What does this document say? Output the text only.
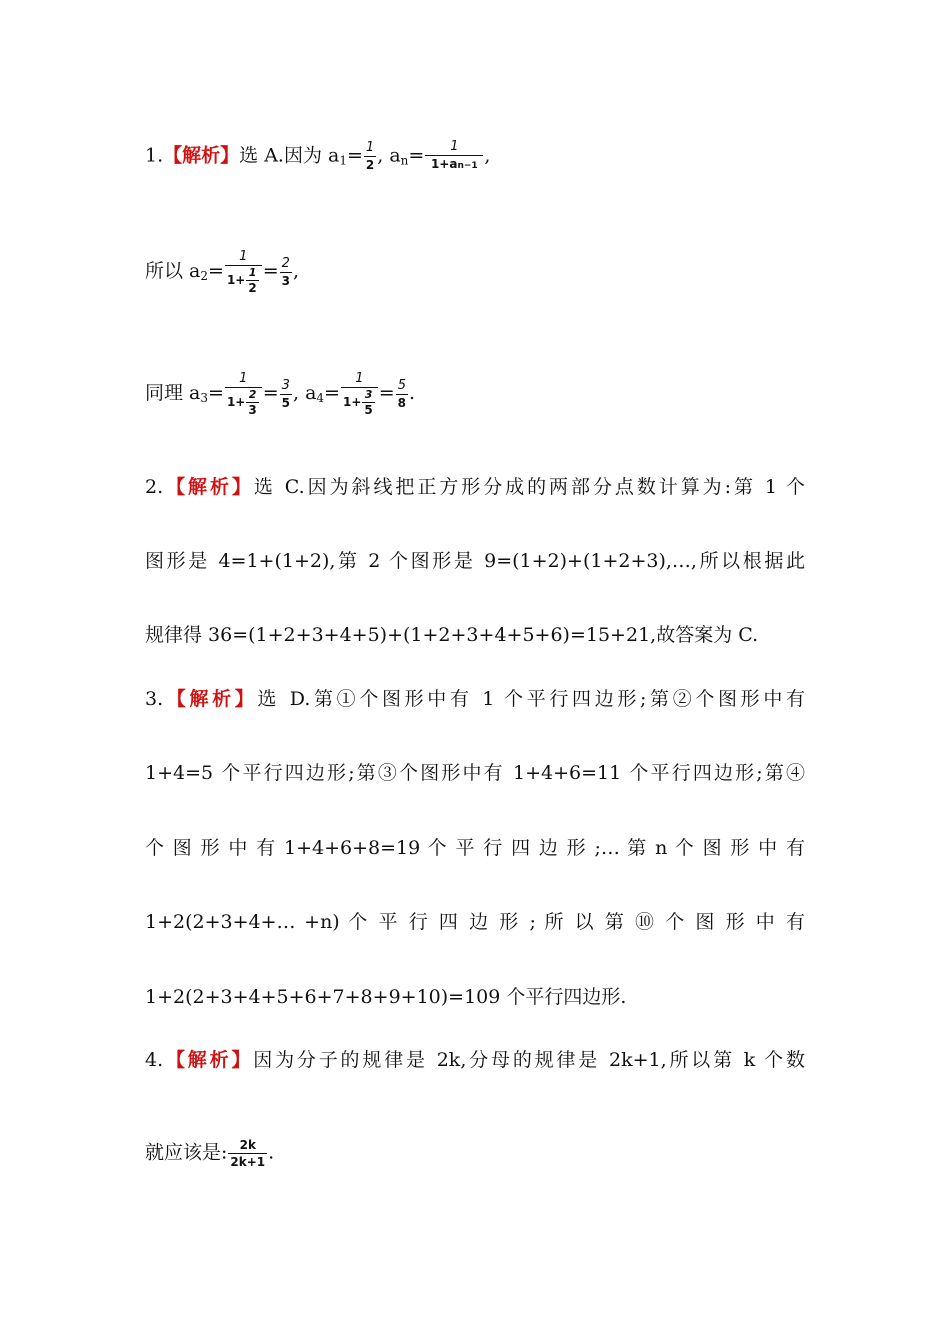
1.【解析】选 A.因为 $a_1= \frac{1}{2}$ , $a_n= \frac{1}{1+an-1}$ ,
所以 $a_2= \frac{1}{1+ \frac{1}{2}} = \frac{2}{3}$ ,
同理 $a_3= \frac{1}{1+ \frac{2}{3}} = \frac{3}{5}$ , $a_4= \frac{1}{1+ \frac{3}{5}} = \frac{5}{8}$ .
2.【解析】选 C.因为斜线把正方形分成的两部分点数计算为:第 1 个
图形是 4=1+(1+2),第 2 个图形是 9=(1+2)+(1+2+3),…,所以根据此
规律得 36=(1+2+3+4+5)+(1+2+3+4+5+6)=15+21,故答案为 C.
3.【解析】选 D.第①个图形中有 1 个平行四边形;第②个图形中有
1+4=5 个平行四边形;第③个图形中有 1+4+6=11 个平行四边形;第④
个 图 形 中 有 1+4+6+8=19 个 平 行 四 边 形 ;… 第 n 个 图 形 中 有
1+2(2+3+4+… +n) 个 平 行 四 边 形 ; 所 以 第 ⑩ 个 图 形 中 有
1+2(2+3+4+5+6+7+8+9+10)=109 个平行四边形.
4.【解析】因为分子的规律是 2k,分母的规律是 2k+1,所以第 k 个数
就应该是: $\frac{2k}{2k+1}$ .
